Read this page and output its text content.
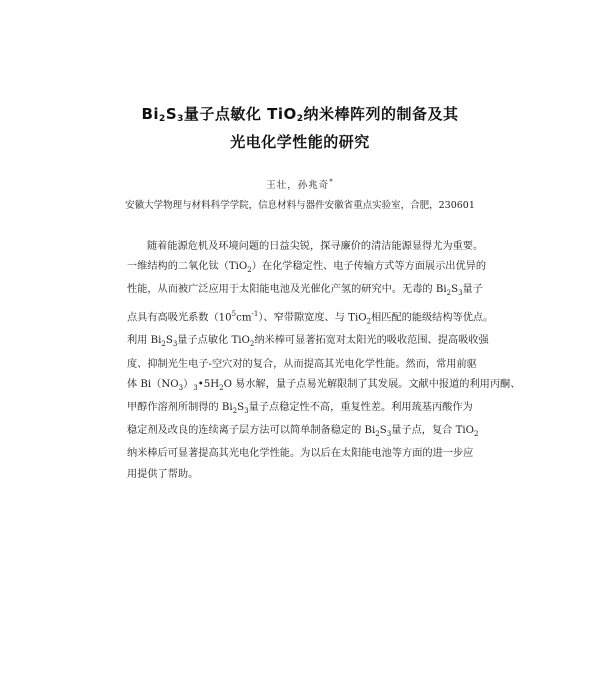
$Bi_2S_3$量子点敏化 TiO$_2$纳米棒阵列的制备及其
光电化学性能的研究
王壮，孙兆奇*
安徽大学物理与材料科学学院，信息材料与器件安徽省重点实验室，合肥，230601
随着能源危机及环境问题的日益尖锐，探寻廉价的清洁能源显得尤为重要。
一维结构的二氧化钛（TiO$_2$）在化学稳定性、电子传输方式等方面展示出优异的
性能，从而被广泛应用于太阳能电池及光催化产氢的研究中。无毒的 $Bi_2S_3$量子
点具有高吸光系数$(10^5cm^{-1})$、窄带隙宽度、与 TiO$_2$相匹配的能级结构等优点。
利用 $Bi_2S_3$量子点敏化 TiO$_2$纳米棒可显著拓宽对太阳光的吸收范围、提高吸收强
度、抑制光生电子-空穴对的复合，从而提高其光电化学性能。然而，常用前驱
体 $Bi(NO_3)_3•5H_2O$ 易水解，量子点易光解限制了其发展。文献中报道的利用丙酮、
甲醇作溶剂所制得的 $Bi_2S_3$量子点稳定性不高，重复性差。利用巯基丙酸作为
稳定剂及改良的连续离子层方法可以简单制备稳定的 $Bi_2S_3$量子点，复合 TiO$_2$
纳米棒后可显著提高其光电化学性能。为以后在太阳能电池等方面的进一步应
用提供了帮助。
